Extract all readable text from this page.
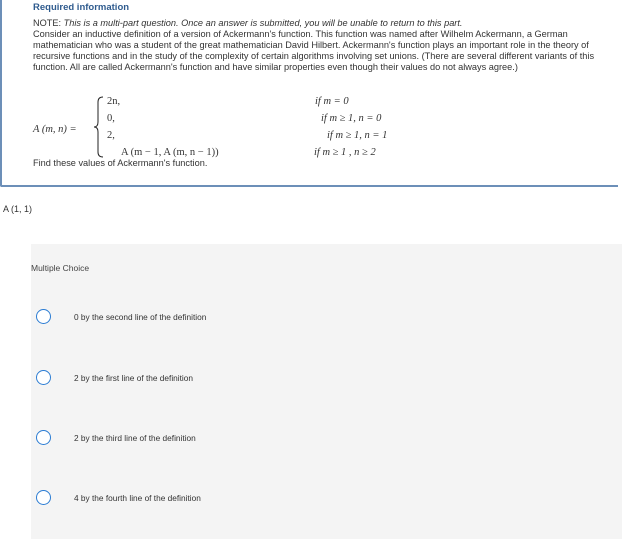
Required information
NOTE: This is a multi-part question. Once an answer is submitted, you will be unable to return to this part.
Consider an inductive definition of a version of Ackermann's function. This function was named after Wilhelm Ackermann, a German mathematician who was a student of the great mathematician David Hilbert. Ackermann's function plays an important role in the theory of recursive functions and in the study of the complexity of certain algorithms involving set unions. (There are several different variants of this function. All are called Ackermann's function and have similar properties even though their values do not always agree.)
A (m, n) =
2n,
0,
2,
A (m − 1, A (m, n − 1))
if m = 0
if m ≥ 1, n = 0
if m ≥ 1, n = 1
if m ≥ 1 , n ≥ 2
Find these values of Ackermann's function.
A (1, 1)
Multiple Choice
0 by the second line of the definition
2 by the first line of the definition
2 by the third line of the definition
4 by the fourth line of the definition
